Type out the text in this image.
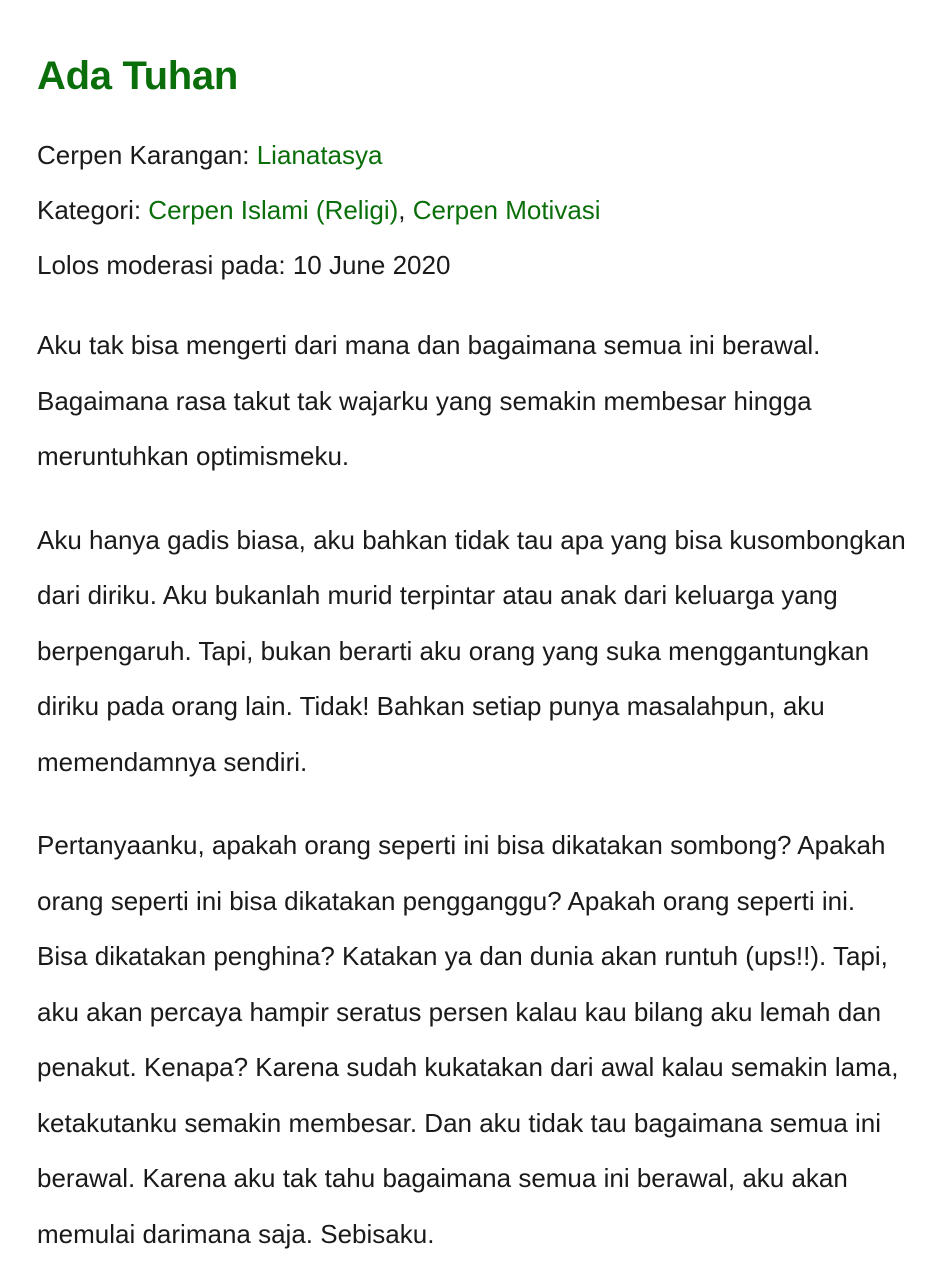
Ada Tuhan

Cerpen Karangan: Lianatasya

Kategori: Cerpen Islami (Religi), Cerpen Motivasi

Lolos moderasi pada: 10 June 2020

Aku tak bisa mengerti dari mana dan bagaimana semua ini berawal. Bagaimana rasa takut tak wajarku yang semakin membesar hingga meruntuhkan optimismeku.

Aku hanya gadis biasa, aku bahkan tidak tau apa yang bisa kusombongkan dari diriku. Aku bukanlah murid terpintar atau anak dari keluarga yang berpengaruh. Tapi, bukan berarti aku orang yang suka menggantungkan diriku pada orang lain. Tidak! Bahkan setiap punya masalahpun, aku memendamnya sendiri.

Pertanyaanku, apakah orang seperti ini bisa dikatakan sombong? Apakah orang seperti ini bisa dikatakan pengganggu? Apakah orang seperti ini. Bisa dikatakan penghina? Katakan ya dan dunia akan runtuh (ups!!). Tapi, aku akan percaya hampir seratus persen kalau kau bilang aku lemah dan penakut. Kenapa? Karena sudah kukatakan dari awal kalau semakin lama, ketakutanku semakin membesar. Dan aku tidak tau bagaimana semua ini berawal. Karena aku tak tahu bagaimana semua ini berawal, aku akan memulai darimana saja. Sebisaku.
